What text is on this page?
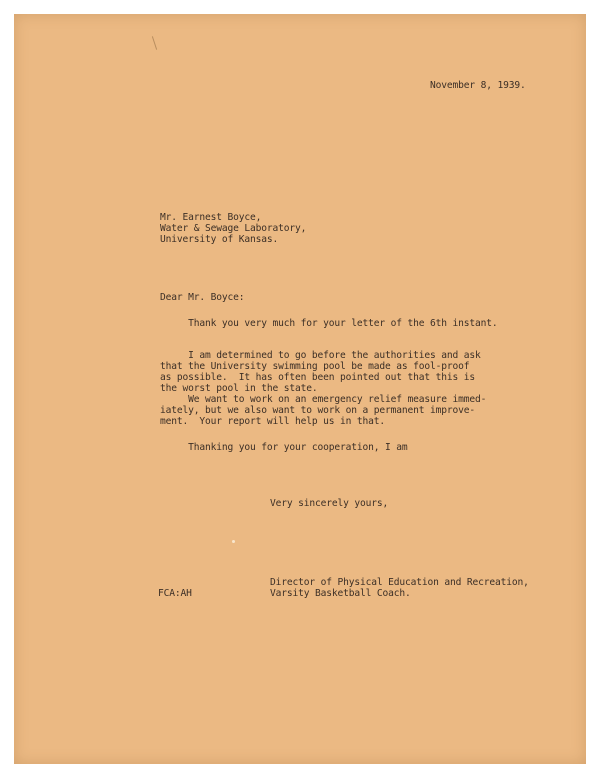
November 8, 1939.
Mr. Earnest Boyce,
Water & Sewage Laboratory,
University of Kansas.
Dear Mr. Boyce:
Thank you very much for your letter of the 6th instant.
I am determined to go before the authorities and ask
that the University swimming pool be made as fool-proof
as possible.  It has often been pointed out that this is
the worst pool in the state.
We want to work on an emergency relief measure immed-
iately, but we also want to work on a permanent improve-
ment.  Your report will help us in that.
Thanking you for your cooperation, I am
Very sincerely yours,
FCA:AH
Director of Physical Education and Recreation,
Varsity Basketball Coach.
